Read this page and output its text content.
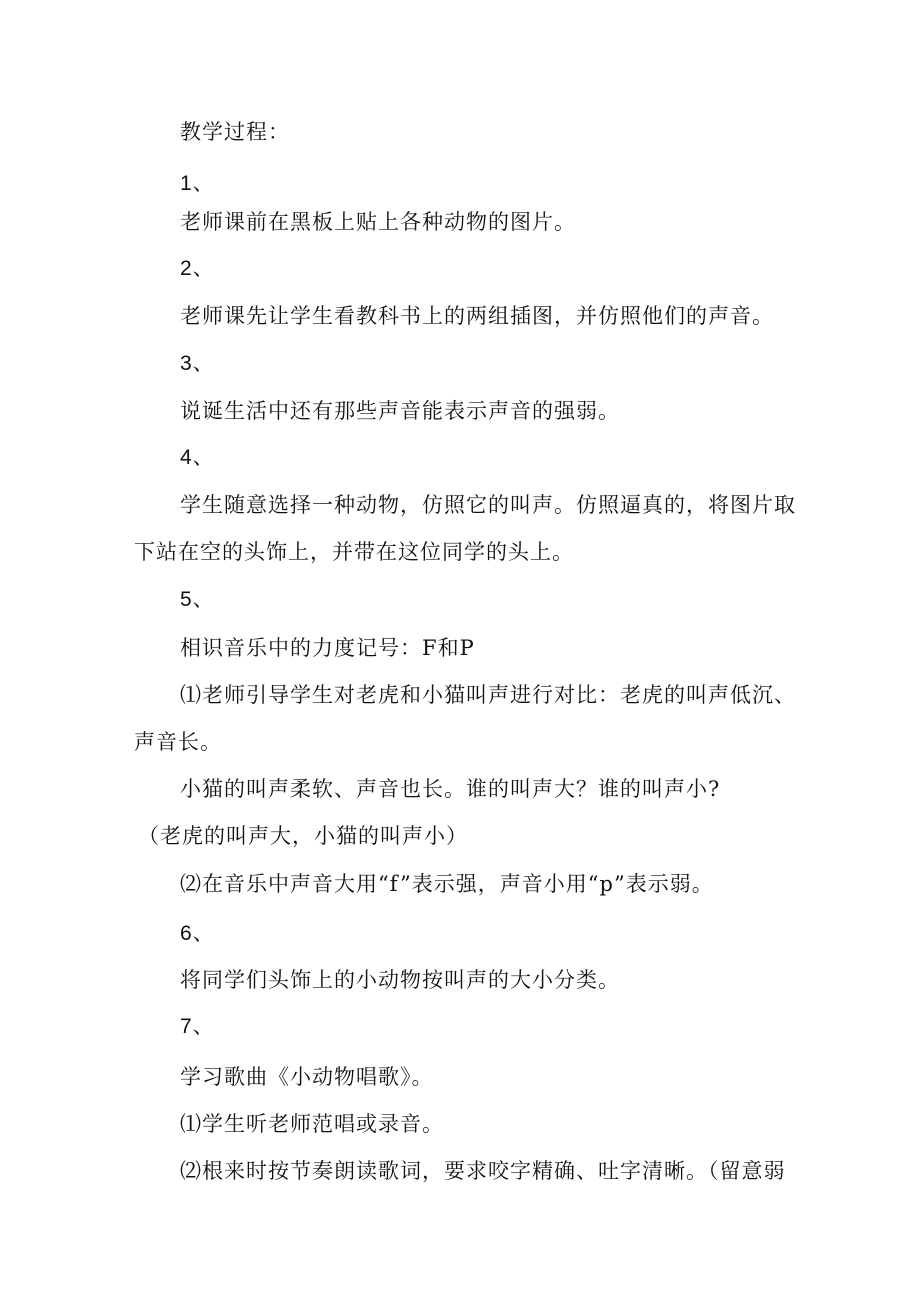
教学过程：
1、
老师课前在黑板上贴上各种动物的图片。
2、
老师课先让学生看教科书上的两组插图，并仿照他们的声音。
3、
说诞生活中还有那些声音能表示声音的强弱。
4、
学生随意选择一种动物，仿照它的叫声。仿照逼真的，将图片取
下站在空的头饰上，并带在这位同学的头上。
5、
相识音乐中的力度记号：F和P
⑴老师引导学生对老虎和小猫叫声进行对比：老虎的叫声低沉、
声音长。
小猫的叫声柔软、声音也长。谁的叫声大？谁的叫声小?
（老虎的叫声大，小猫的叫声小）
⑵在音乐中声音大用“f”表示强，声音小用“p”表示弱。
6、
将同学们头饰上的小动物按叫声的大小分类。
7、
学习歌曲《小动物唱歌》。
⑴学生听老师范唱或录音。
⑵根来时按节奏朗读歌词，要求咬字精确、吐字清晰。（留意弱
